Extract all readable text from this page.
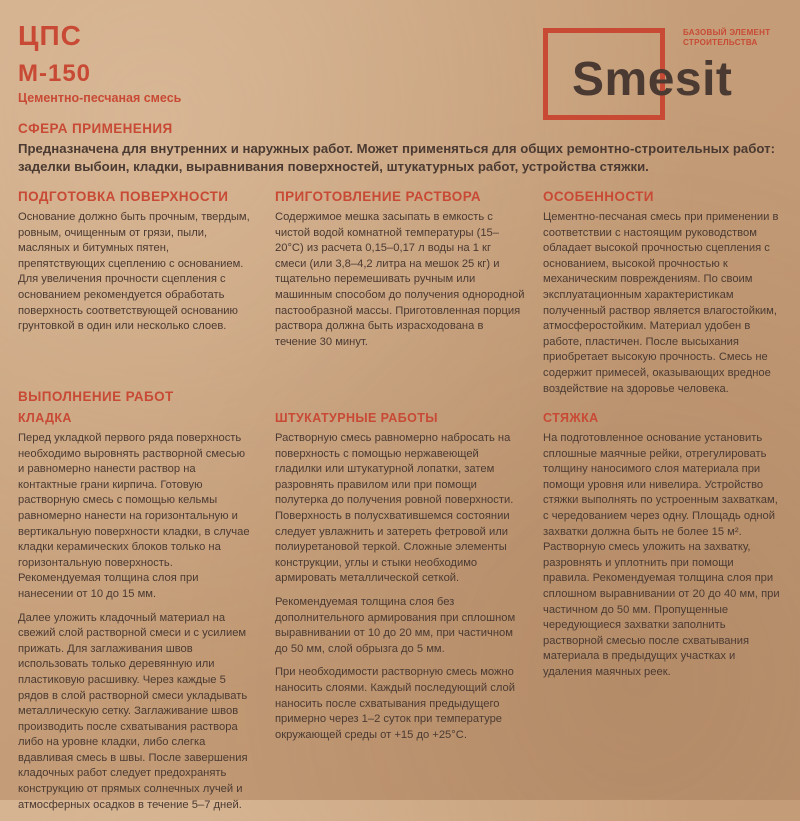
ЦПС
М-150
Цементно-песчаная смесь
БАЗОВЫЙ ЭЛЕМЕНТ
СТРОИТЕЛЬСТВА
Smesit
СФЕРА ПРИМЕНЕНИЯ
Предназначена для внутренних и наружных работ. Может применяться для общих ремонтно-строительных работ: заделки выбоин, кладки, выравнивания поверхностей, штукатурных работ, устройства стяжки.
ПОДГОТОВКА ПОВЕРХНОСТИ	ПРИГОТОВЛЕНИЕ РАСТВОРА	ОСОБЕННОСТИ
Основание должно быть прочным, твердым, ровным, очищенным от грязи, пыли, масляных и битумных пятен, препятствующих сцеплению с основанием. Для увеличения прочности сцепления с основанием рекомендуется обработать поверхность соответствующей основанию грунтовкой в один или несколько слоев.
Содержимое мешка засыпать в емкость с чистой водой комнатной температуры (15–20°С) из расчета 0,15–0,17 л воды на 1 кг смеси (или 3,8–4,2 литра на мешок 25 кг) и тщательно перемешивать ручным или машинным способом до получения однородной пастообразной массы. Приготовленная порция раствора должна быть израсходована в течение 30 минут.
Цементно-песчаная смесь при применении в соответствии с настоящим руководством обладает высокой прочностью сцепления с основанием, высокой прочностью к механическим повреждениям. По своим эксплуатационным характеристикам полученный раствор является влагостойким, атмосферостойким. Материал удобен в работе, пластичен. После высыхания приобретает высокую прочность. Смесь не содержит примесей, оказывающих вредное воздействие на здоровье человека.
ВЫПОЛНЕНИЕ РАБОТ
КЛАДКА	ШТУКАТУРНЫЕ РАБОТЫ	СТЯЖКА

Перед укладкой первого ряда поверхность необходимо выровнять растворной смесью и равномерно нанести раствор на контактные грани кирпича. Готовую растворную смесь с помощью кельмы равномерно нанести на горизонтальную и вертикальную поверхности кладки, в случае кладки керамических блоков только на горизонтальную поверхность. Рекомендуемая толщина слоя при нанесении от 10 до 15 мм.

Далее уложить кладочный материал на свежий слой растворной смеси и с усилием прижать. Для заглаживания швов использовать только деревянную или пластиковую расшивку. Через каждые 5 рядов в слой растворной смеси укладывать металлическую сетку. Заглаживание швов производить после схватывания раствора либо на уровне кладки, либо слегка вдавливая смесь в швы. После завершения кладочных работ следует предохранять конструкцию от прямых солнечных лучей и атмосферных осадков в течение 5–7 дней.

Растворную смесь равномерно набросать на поверхность с помощью нержавеющей гладилки или штукатурной лопатки, затем разровнять правилом или при помощи полутерка до получения ровной поверхности. Поверхность в полусхватившемся состоянии следует увлажнить и затереть фетровой или полиуретановой теркой. Сложные элементы конструкции, углы и стыки необходимо армировать металлической сеткой.

Рекомендуемая толщина слоя без дополнительного армирования при сплошном выравнивании от 10 до 20 мм, при частичном до 50 мм, слой обрызга до 5 мм.

При необходимости растворную смесь можно наносить слоями. Каждый последующий слой наносить после схватывания предыдущего примерно через 1–2 суток при температуре окружающей среды от +15 до +25°С.

На подготовленное основание установить сплошные маячные рейки, отрегулировать толщину наносимого слоя материала при помощи уровня или нивелира. Устройство стяжки выполнять по устроенным захваткам, с чередованием через одну. Площадь одной захватки должна быть не более 15 м². Растворную смесь уложить на захватку, разровнять и уплотнить при помощи правила. Рекомендуемая толщина слоя при сплошном выравнивании от 20 до 40 мм, при частичном до 50 мм. Пропущенные чередующиеся захватки заполнить растворной смесью после схватывания материала в предыдущих участках и удаления маячных реек.
